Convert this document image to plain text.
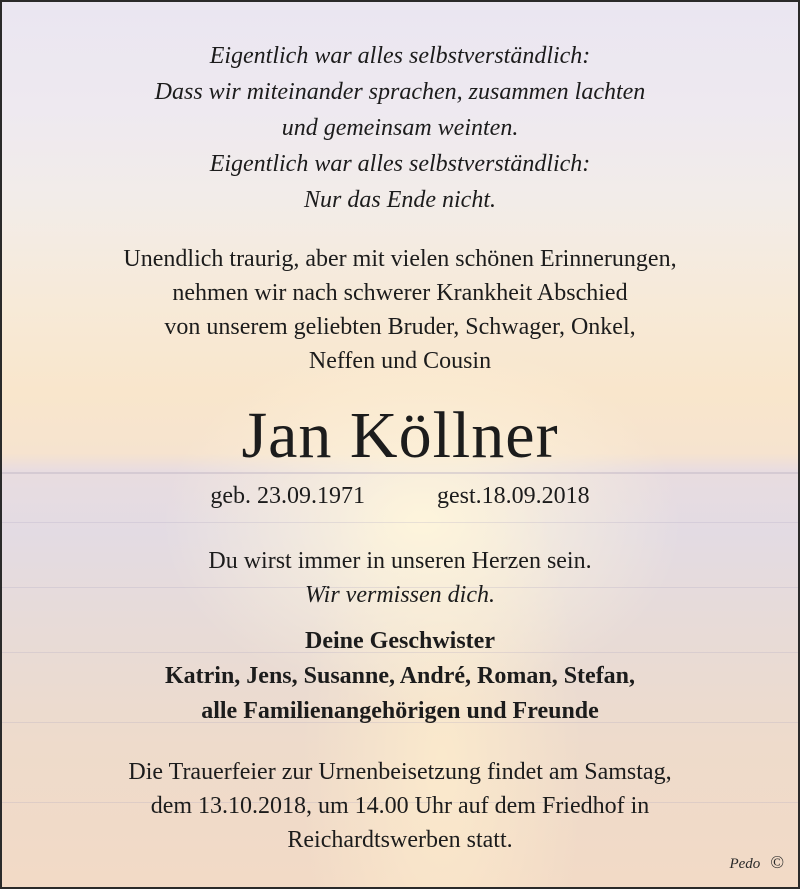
Eigentlich war alles selbstverständlich:
Dass wir miteinander sprachen, zusammen lachten
und gemeinsam weinten.
Eigentlich war alles selbstverständlich:
Nur das Ende nicht.
Unendlich traurig, aber mit vielen schönen Erinnerungen,
nehmen wir nach schwerer Krankheit Abschied
von unserem geliebten Bruder, Schwager, Onkel,
Neffen und Cousin
Jan Köllner
geb. 23.09.1971	gest.18.09.2018
Du wirst immer in unseren Herzen sein.
Wir vermissen dich.
Deine Geschwister
Katrin, Jens, Susanne, André, Roman, Stefan,
alle Familienangehörigen und Freunde
Die Trauerfeier zur Urnenbeisetzung findet am Samstag,
dem 13.10.2018, um 14.00 Uhr auf dem Friedhof in
Reichardtswerben statt.
Pedo ©
